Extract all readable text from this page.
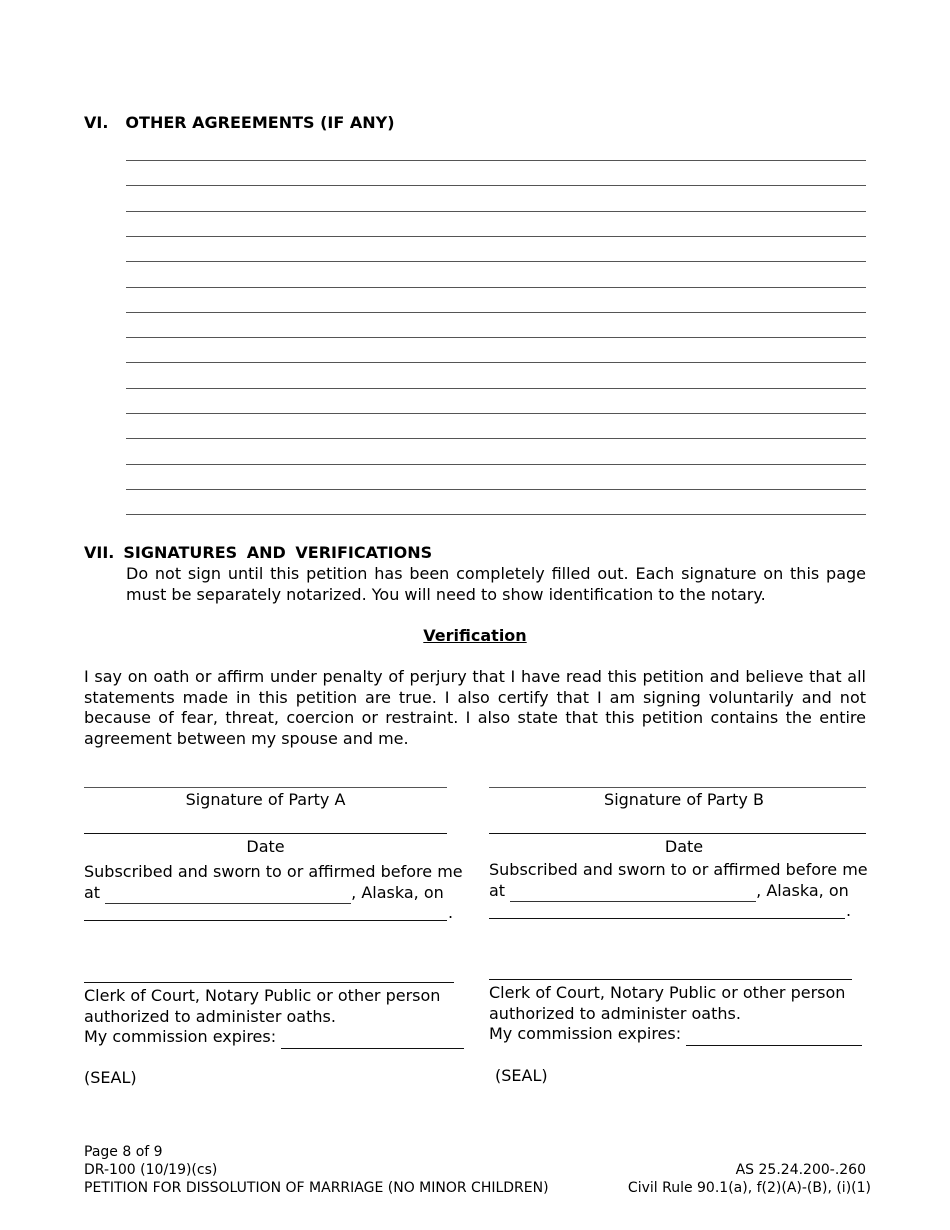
VI. OTHER AGREEMENTS (IF ANY)
VII. SIGNATURES AND VERIFICATIONS
Do not sign until this petition has been completely filled out. Each signature on this page must be separately notarized. You will need to show identification to the notary.
Verification
I say on oath or affirm under penalty of perjury that I have read this petition and believe that all statements made in this petition are true. I also certify that I am signing voluntarily and not because of fear, threat, coercion or restraint. I also state that this petition contains the entire agreement between my spouse and me.
Signature of Party A
Date
Subscribed and sworn to or affirmed before me
at	, Alaska, on
.
Clerk of Court, Notary Public or other person
authorized to administer oaths.
My commission expires:
(SEAL)
Signature of Party B
Date
Subscribed and sworn to or affirmed before me
at	, Alaska, on
.
Clerk of Court, Notary Public or other person
authorized to administer oaths.
My commission expires:
(SEAL)
Page 8 of 9
DR-100 (10/19)(cs)
PETITION FOR DISSOLUTION OF MARRIAGE (NO MINOR CHILDREN)
AS 25.24.200-.260
Civil Rule 90.1(a), f(2)(A)-(B), (i)(1)
